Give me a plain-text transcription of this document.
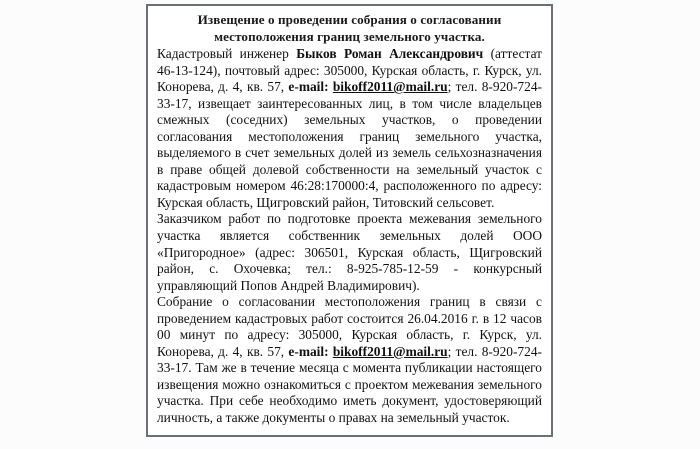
Извещение о проведении собрания о согласовании
местоположения границ земельного участка.

Кадастровый инженер Быков Роман Александрович (аттестат 46-13-124), почтовый адрес: 305000, Курская область, г. Курск, ул. Конорева, д. 4, кв. 57, e-mail: bikoff2011@mail.ru; тел. 8-920-724-33-17, извещает заинтересованных лиц, в том числе владельцев смежных (соседних) земельных участков, о проведении согласования местоположения границ земельного участка, выделяемого в счет земельных долей из земель сельхозназначения в праве общей долевой собственности на земельный участок с кадастровым номером 46:28:170000:4, расположенного по адресу: Курская область, Щигровский район, Титовский сельсовет.

Заказчиком работ по подготовке проекта межевания земельного участка является собственник земельных долей ООО «Пригородное» (адрес: 306501, Курская область, Щигровский район, с. Охочевка; тел.: 8-925-785-12-59 - конкурсный управляющий Попов Андрей Владимирович).

Собрание о согласовании местоположения границ в связи с проведением кадастровых работ состоится 26.04.2016 г. в 12 часов 00 минут по адресу: 305000, Курская область, г. Курск, ул. Конорева, д. 4, кв. 57, e-mail: bikoff2011@mail.ru; тел. 8-920-724-33-17. Там же в течение месяца с момента публикации настоящего извещения можно ознакомиться с проектом межевания земельного участка. При себе необходимо иметь документ, удостоверяющий личность, а также документы о правах на земельный участок.
